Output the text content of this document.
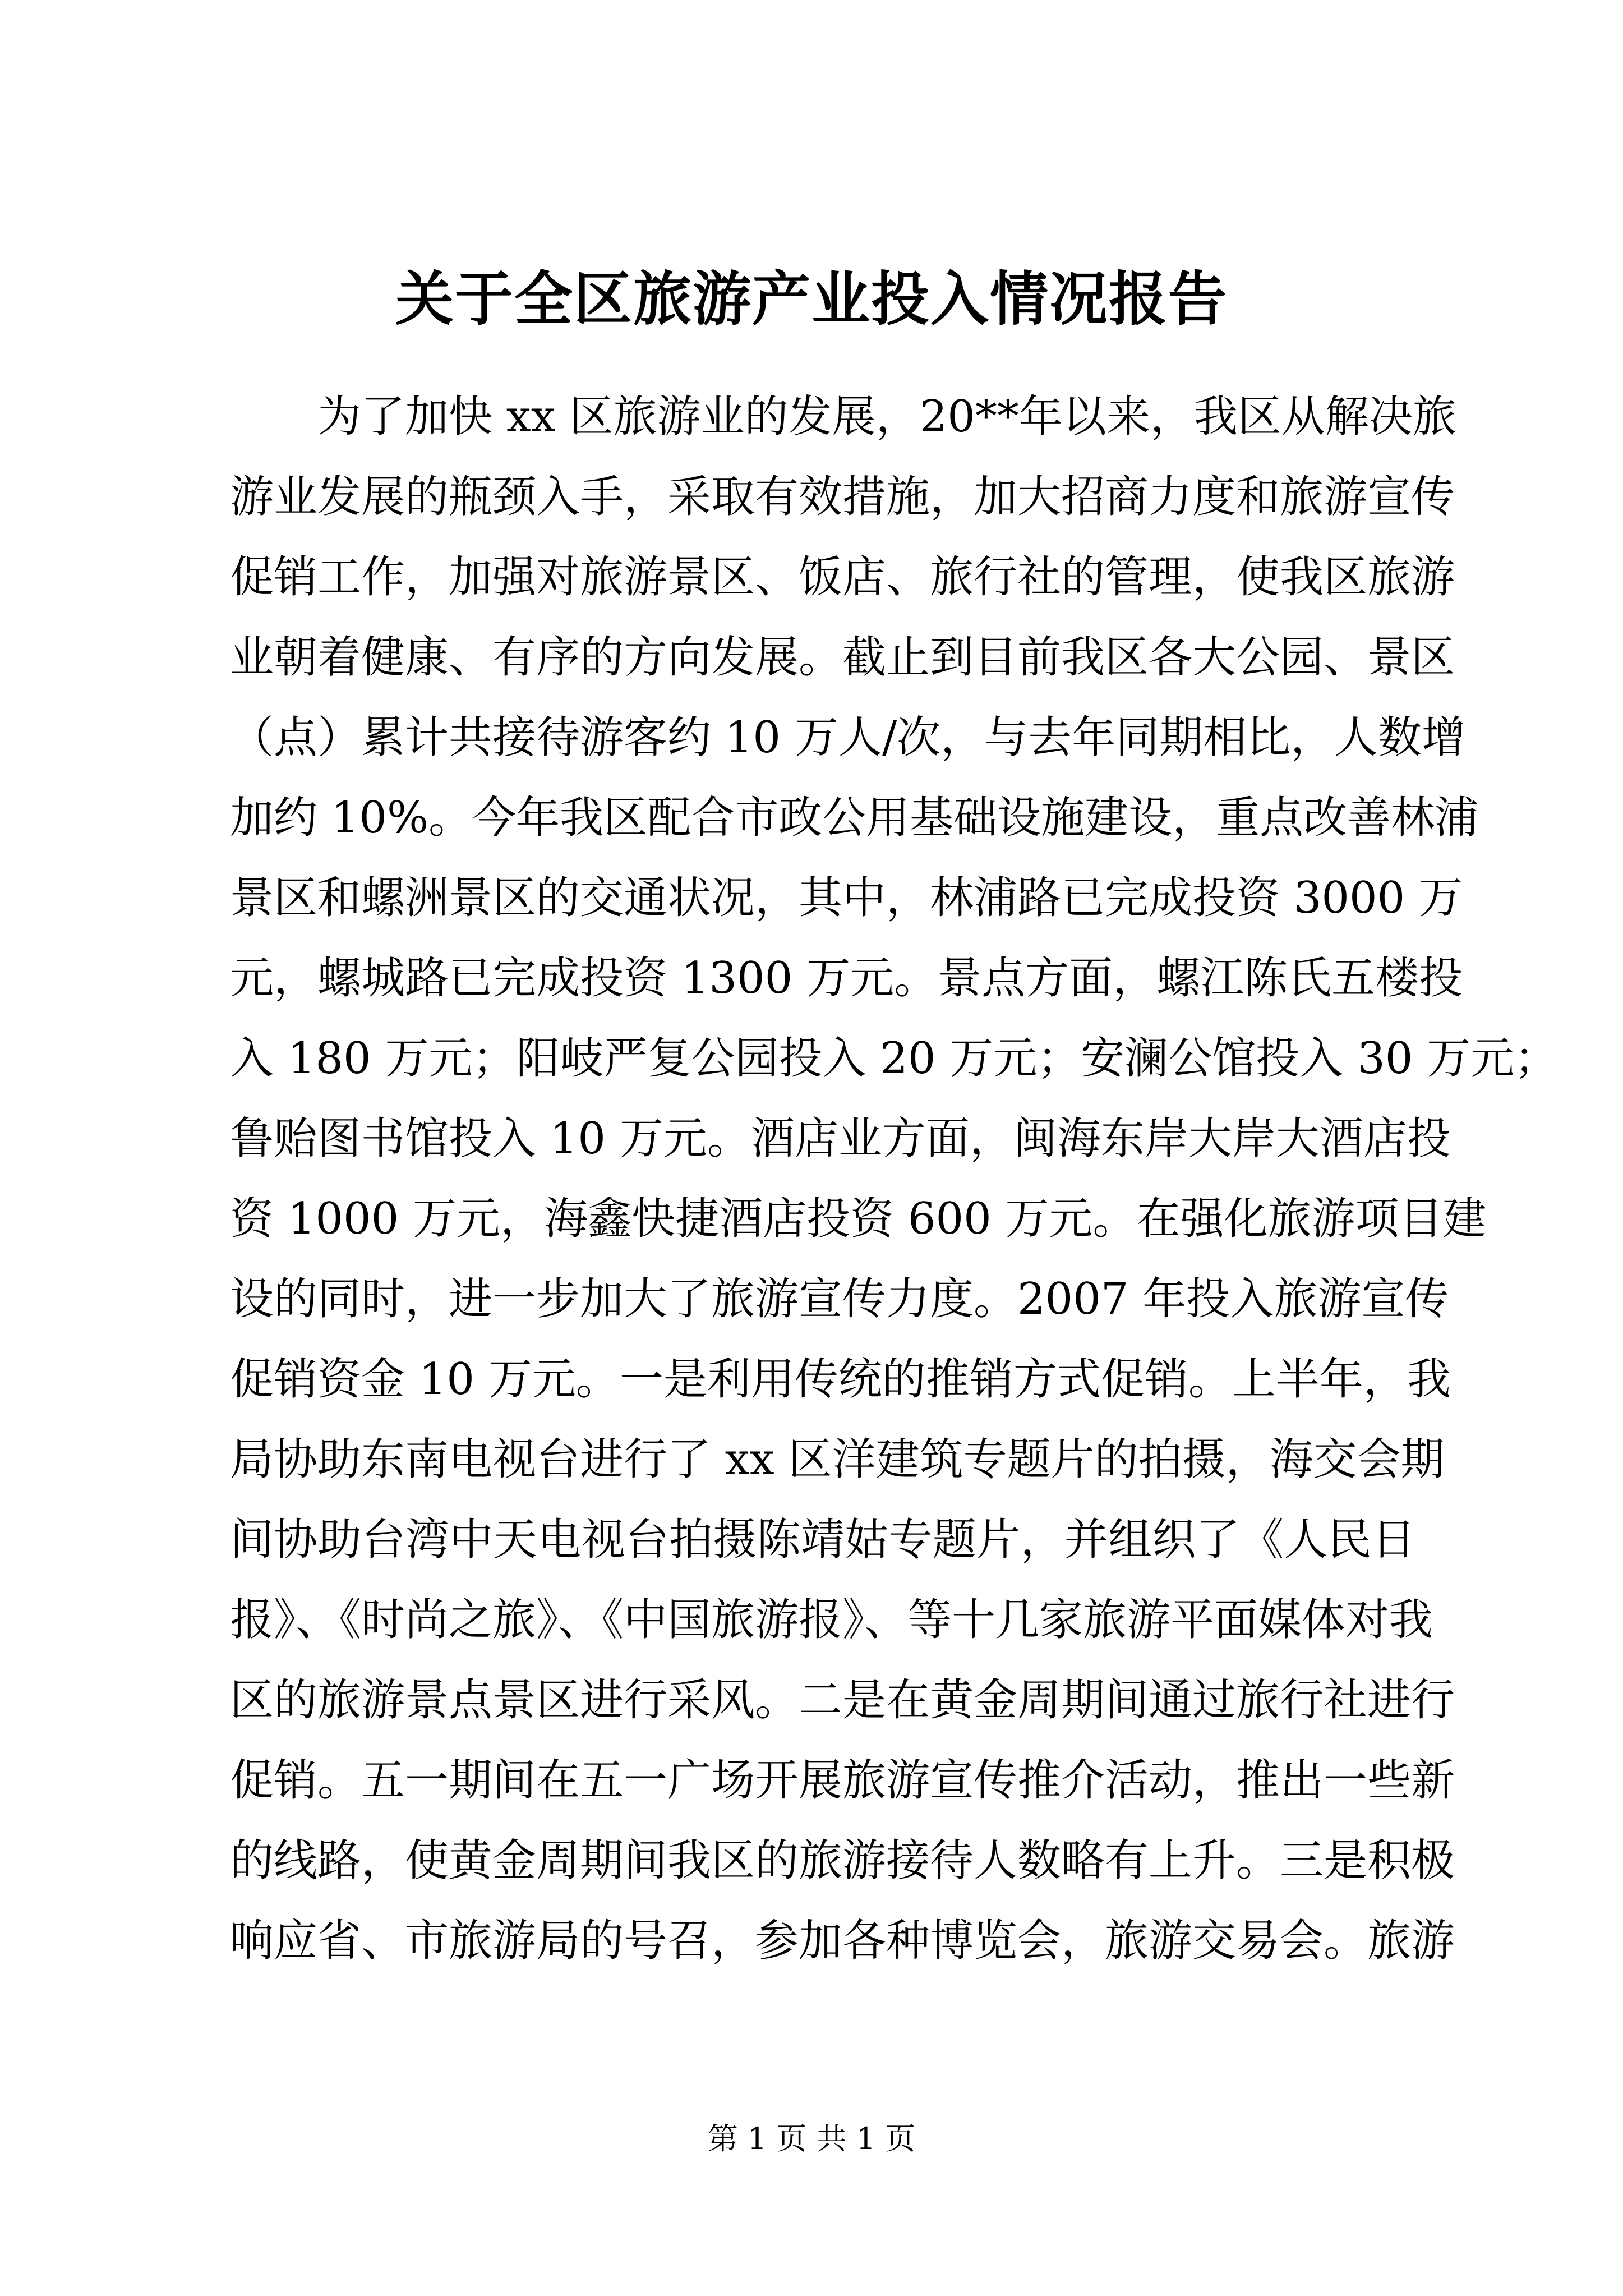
关于全区旅游产业投入情况报告
为了加快 xx 区旅游业的发展，20**年以来，我区从解决旅
游业发展的瓶颈入手，采取有效措施，加大招商力度和旅游宣传
促销工作，加强对旅游景区、饭店、旅行社的管理，使我区旅游
业朝着健康、有序的方向发展。截止到目前我区各大公园、景区
（点）累计共接待游客约 10 万人/次，与去年同期相比，人数增
加约 10%。今年我区配合市政公用基础设施建设，重点改善林浦
景区和螺洲景区的交通状况，其中，林浦路已完成投资 3000 万
元，螺城路已完成投资 1300 万元。景点方面，螺江陈氏五楼投
入 180 万元；阳岐严复公园投入 20 万元；安澜公馆投入 30 万元；
鲁贻图书馆投入 10 万元。酒店业方面，闽海东岸大岸大酒店投
资 1000 万元，海鑫快捷酒店投资 600 万元。在强化旅游项目建
设的同时，进一步加大了旅游宣传力度。2007 年投入旅游宣传
促销资金 10 万元。一是利用传统的推销方式促销。上半年，我
局协助东南电视台进行了 xx 区洋建筑专题片的拍摄，海交会期
间协助台湾中天电视台拍摄陈靖姑专题片，并组织了《人民日
报》、《时尚之旅》、《中国旅游报》、等十几家旅游平面媒体对我
区的旅游景点景区进行采风。二是在黄金周期间通过旅行社进行
促销。五一期间在五一广场开展旅游宣传推介活动，推出一些新
的线路，使黄金周期间我区的旅游接待人数略有上升。三是积极
响应省、市旅游局的号召，参加各种博览会，旅游交易会。旅游
第 1 页 共 1 页
